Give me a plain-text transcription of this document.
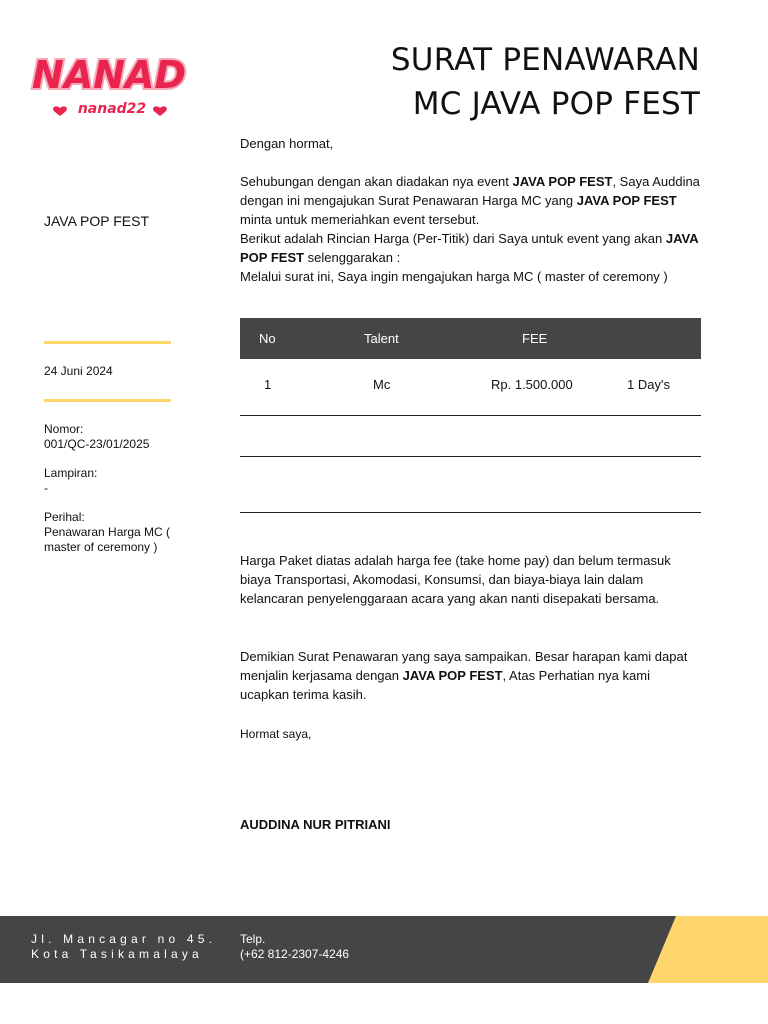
NANAD
nanad22
SURAT PENAWARAN
MC JAVA POP FEST
JAVA POP FEST
24 Juni 2024
Nomor:
001/QC-23/01/2025
Lampiran:
-
Perihal:
Penawaran Harga MC (
master of ceremony )
Dengan hormat,
Sehubungan dengan akan diadakan nya event JAVA POP FEST, Saya Auddina dengan ini mengajukan Surat Penawaran Harga MC yang JAVA POP FEST minta untuk memeriahkan event tersebut.
Berikut adalah Rincian Harga (Per-Titik) dari Saya untuk event yang akan JAVA POP FEST selenggarakan :
Melalui surat ini, Saya ingin mengajukan harga MC ( master of ceremony )
No	Talent	FEE
1	Mc	Rp. 1.500.000	1 Day's
Harga Paket diatas adalah harga fee (take home pay) dan belum termasuk biaya Transportasi, Akomodasi, Konsumsi, dan biaya-biaya lain dalam kelancaran penyelenggaraan acara yang akan nanti disepakati bersama.
Demikian Surat Penawaran yang saya sampaikan. Besar harapan kami dapat menjalin kerjasama dengan JAVA POP FEST, Atas Perhatian nya kami ucapkan terima kasih.
Hormat saya,
AUDDINA NUR PITRIANI
Jl. Mancagar no 45.
Kota Tasikamalaya
Telp.
(+62 812-2307-4246
